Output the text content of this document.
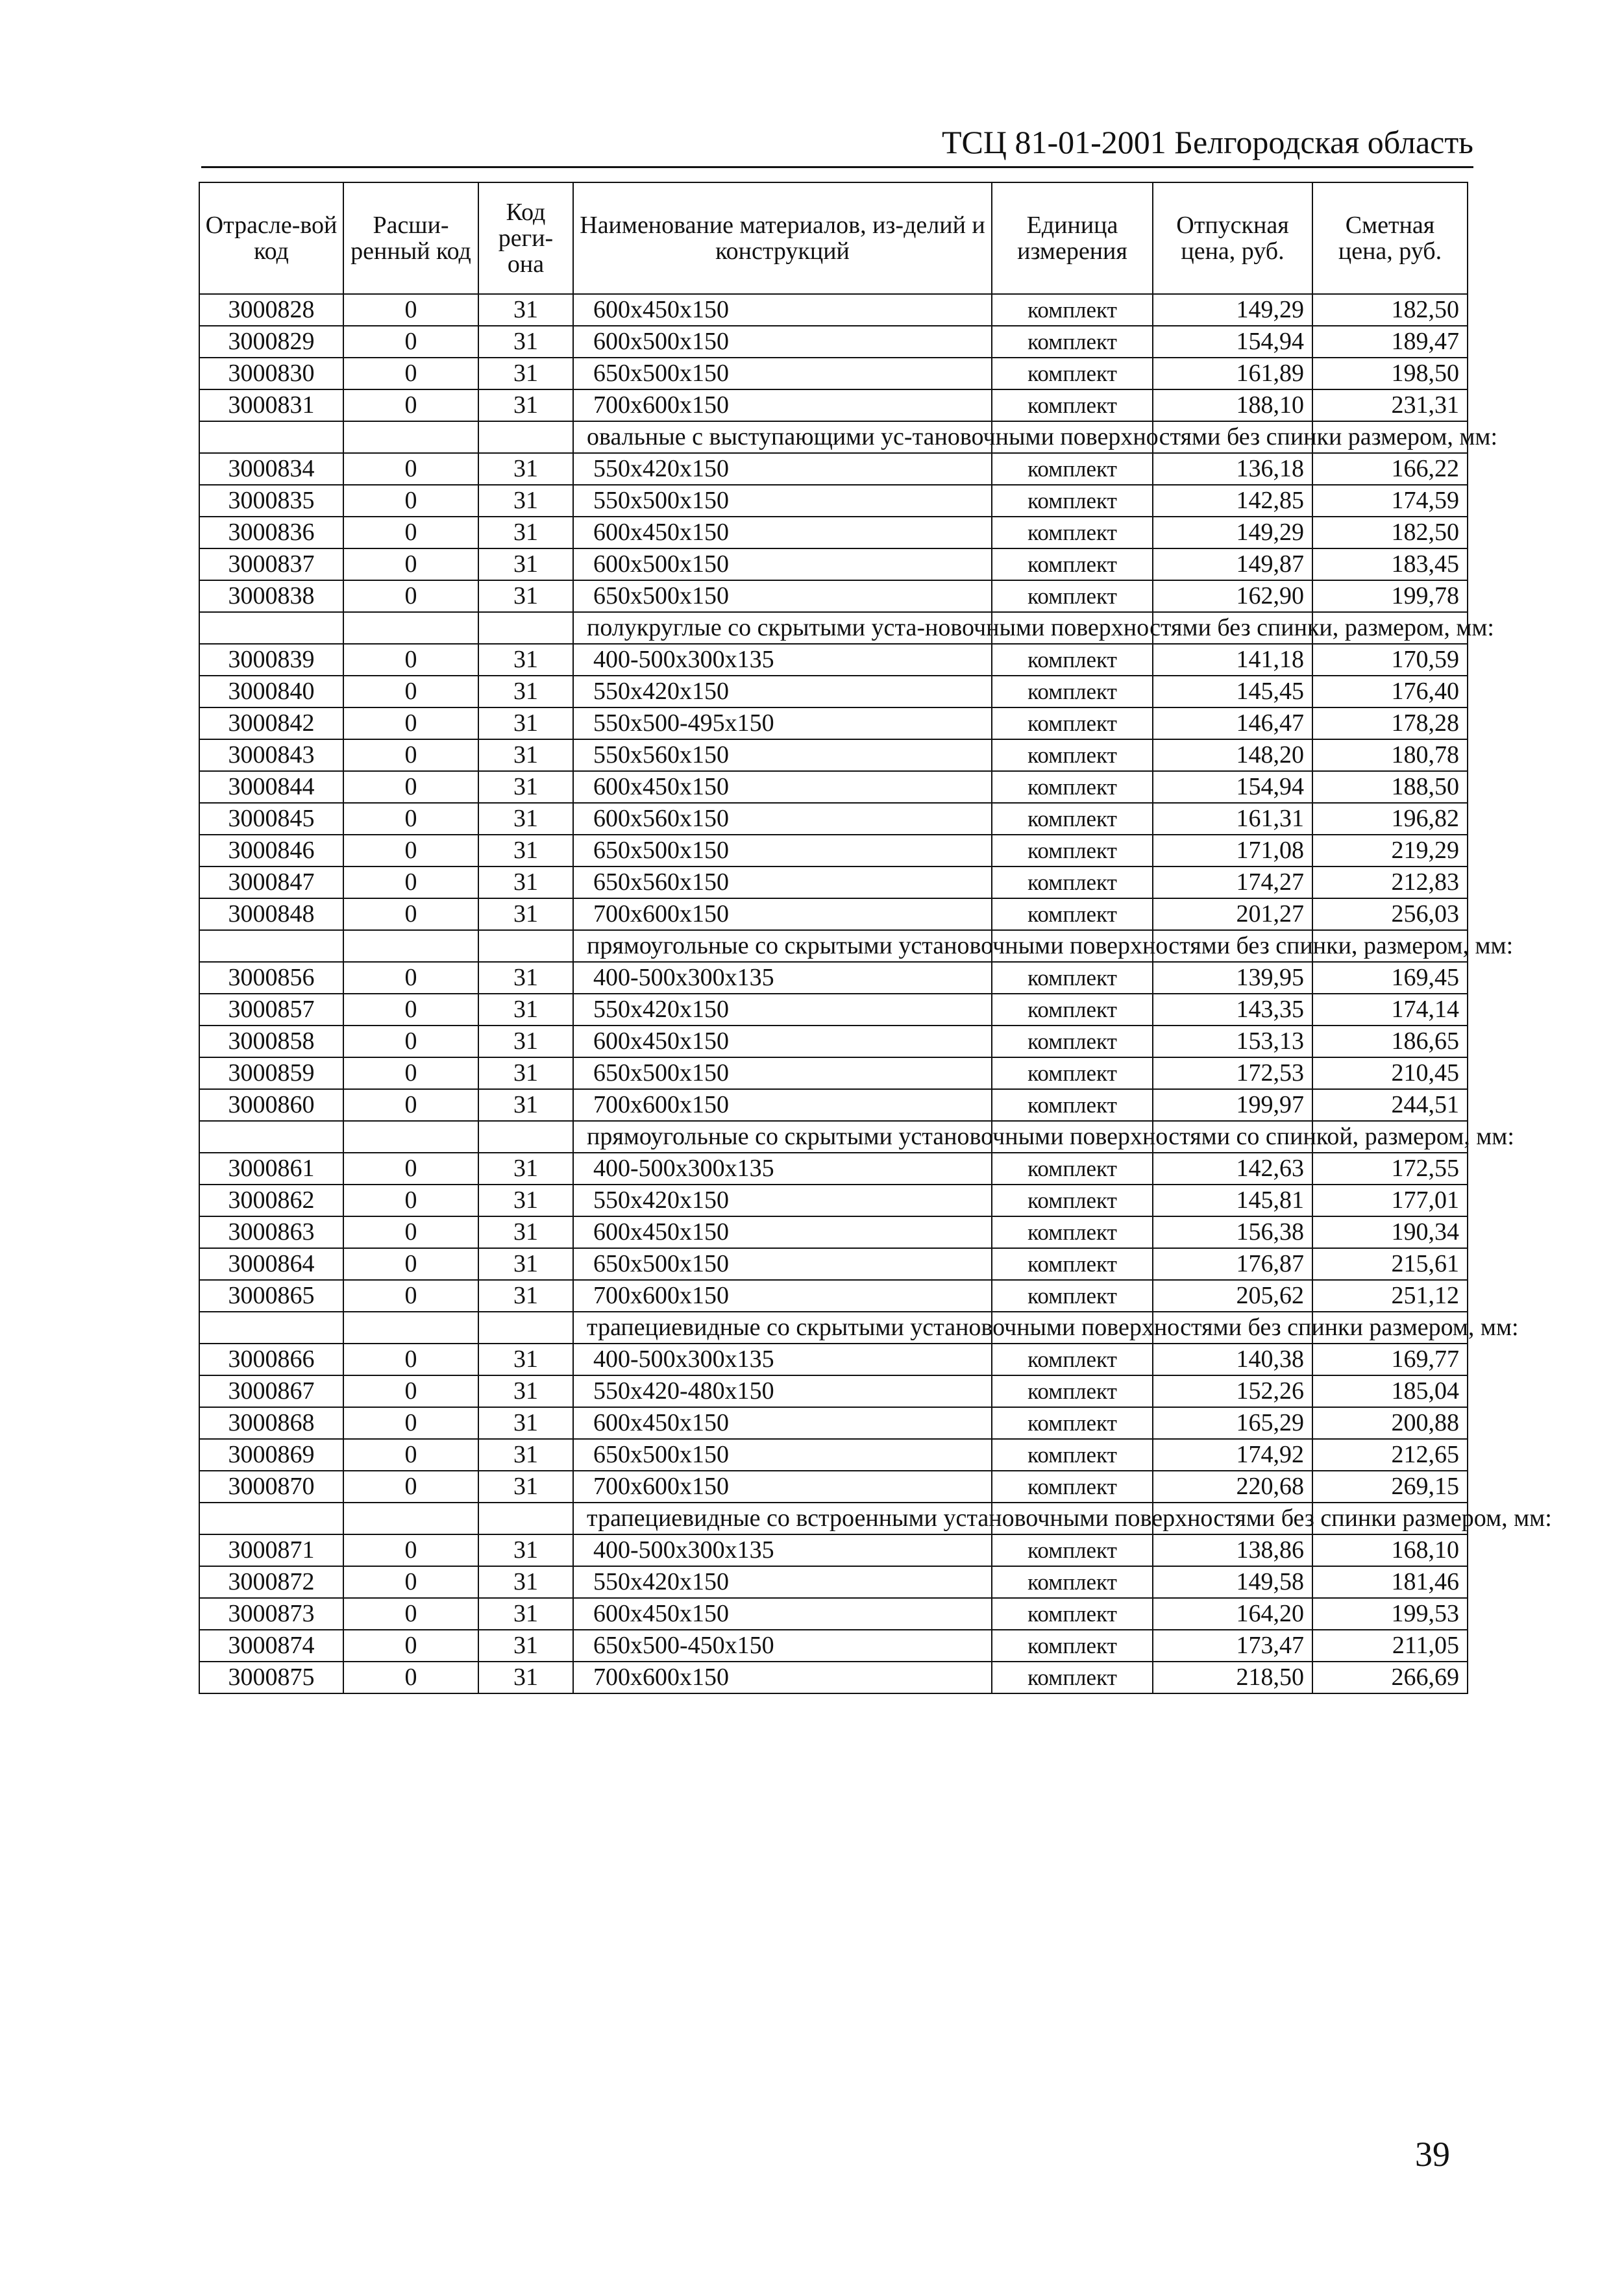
ТСЦ 81-01-2001 Белгородская область
Отрасле-вой код	Расши-ренный код	Код реги-она	Наименование материалов, из-делий и конструкций	Единица измерения	Отпускная цена, руб.	Сметная цена, руб.
3000828	0	31	600x450x150	комплект	149,29	182,50
3000829	0	31	600x500x150	комплект	154,94	189,47
3000830	0	31	650x500x150	комплект	161,89	198,50
3000831	0	31	700x600x150	комплект	188,10	231,31
			овальные с выступающими ус-тановочными поверхностями без спинки размером, мм:			
3000834	0	31	550x420x150	комплект	136,18	166,22
3000835	0	31	550x500x150	комплект	142,85	174,59
3000836	0	31	600x450x150	комплект	149,29	182,50
3000837	0	31	600x500x150	комплект	149,87	183,45
3000838	0	31	650x500x150	комплект	162,90	199,78
			полукруглые со скрытыми уста-новочными поверхностями без спинки, размером, мм:			
3000839	0	31	400-500x300x135	комплект	141,18	170,59
3000840	0	31	550x420x150	комплект	145,45	176,40
3000842	0	31	550x500-495x150	комплект	146,47	178,28
3000843	0	31	550x560x150	комплект	148,20	180,78
3000844	0	31	600x450x150	комплект	154,94	188,50
3000845	0	31	600x560x150	комплект	161,31	196,82
3000846	0	31	650x500x150	комплект	171,08	219,29
3000847	0	31	650x560x150	комплект	174,27	212,83
3000848	0	31	700x600x150	комплект	201,27	256,03
			прямоугольные со скрытыми установочными поверхностями без спинки, размером, мм:			
3000856	0	31	400-500x300x135	комплект	139,95	169,45
3000857	0	31	550x420x150	комплект	143,35	174,14
3000858	0	31	600x450x150	комплект	153,13	186,65
3000859	0	31	650x500x150	комплект	172,53	210,45
3000860	0	31	700x600x150	комплект	199,97	244,51
			прямоугольные со скрытыми установочными поверхностями со спинкой, размером, мм:			
3000861	0	31	400-500x300x135	комплект	142,63	172,55
3000862	0	31	550x420x150	комплект	145,81	177,01
3000863	0	31	600x450x150	комплект	156,38	190,34
3000864	0	31	650x500x150	комплект	176,87	215,61
3000865	0	31	700x600x150	комплект	205,62	251,12
			трапециевидные со скрытыми установочными поверхностями без спинки размером, мм:			
3000866	0	31	400-500x300x135	комплект	140,38	169,77
3000867	0	31	550x420-480x150	комплект	152,26	185,04
3000868	0	31	600x450x150	комплект	165,29	200,88
3000869	0	31	650x500x150	комплект	174,92	212,65
3000870	0	31	700x600x150	комплект	220,68	269,15
			трапециевидные со встроенными установочными поверхностями без спинки размером, мм:			
3000871	0	31	400-500x300x135	комплект	138,86	168,10
3000872	0	31	550x420x150	комплект	149,58	181,46
3000873	0	31	600x450x150	комплект	164,20	199,53
3000874	0	31	650x500-450x150	комплект	173,47	211,05
3000875	0	31	700x600x150	комплект	218,50	266,69
39
